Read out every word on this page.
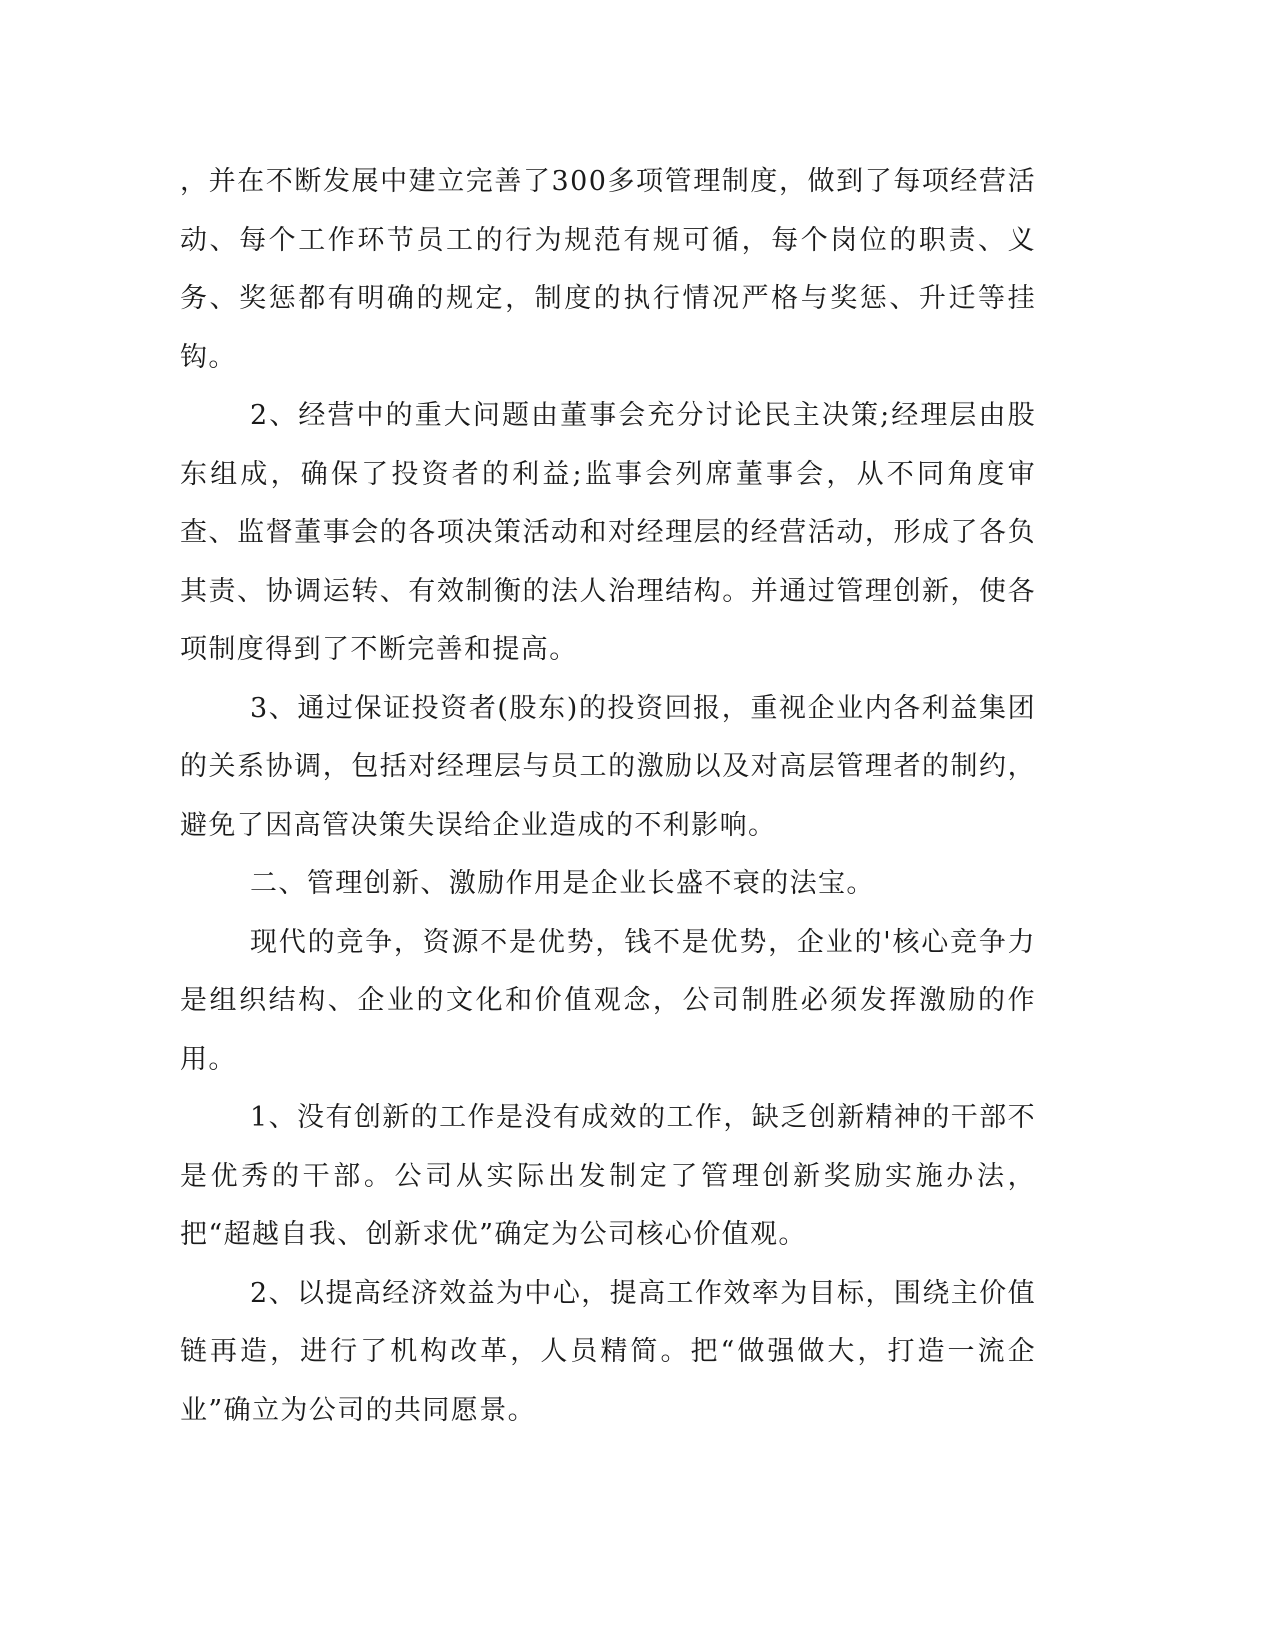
，并在不断发展中建立完善了300多项管理制度，做到了每项经营活动、每个工作环节员工的行为规范有规可循，每个岗位的职责、义务、奖惩都有明确的规定，制度的执行情况严格与奖惩、升迁等挂钩。

2、经营中的重大问题由董事会充分讨论民主决策;经理层由股东组成，确保了投资者的利益;监事会列席董事会，从不同角度审查、监督董事会的各项决策活动和对经理层的经营活动，形成了各负其责、协调运转、有效制衡的法人治理结构。并通过管理创新，使各项制度得到了不断完善和提高。

3、通过保证投资者(股东)的投资回报，重视企业内各利益集团的关系协调，包括对经理层与员工的激励以及对高层管理者的制约，避免了因高管决策失误给企业造成的不利影响。

二、管理创新、激励作用是企业长盛不衰的法宝。

现代的竞争，资源不是优势，钱不是优势，企业的'核心竞争力是组织结构、企业的文化和价值观念，公司制胜必须发挥激励的作用。

1、没有创新的工作是没有成效的工作，缺乏创新精神的干部不是优秀的干部。公司从实际出发制定了管理创新奖励实施办法，把“超越自我、创新求优”确定为公司核心价值观。

2、以提高经济效益为中心，提高工作效率为目标，围绕主价值链再造，进行了机构改革，人员精简。把“做强做大，打造一流企业”确立为公司的共同愿景。
